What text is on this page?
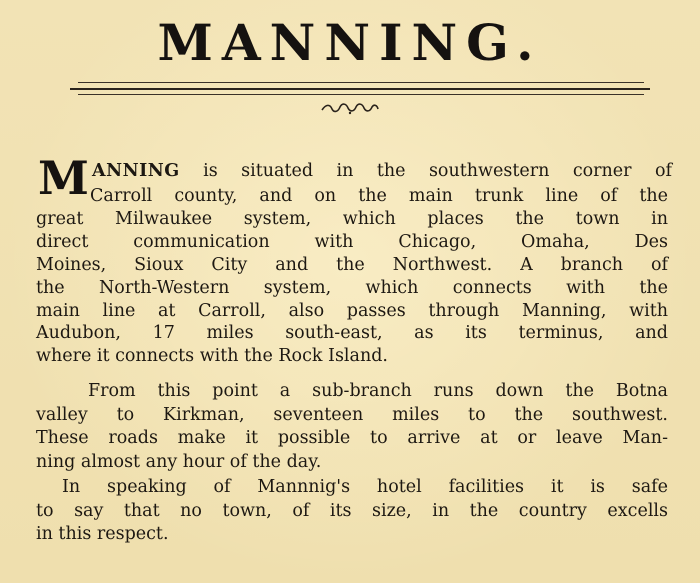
MANNING.
M ANNING is situated in the southwestern corner of
Carroll county, and on the main trunk line of the
great Milwaukee system, which places the town in
direct communication with Chicago, Omaha, Des
Moines, Sioux City and the Northwest. A branch of
the North-Western system, which connects with the
main line at Carroll, also passes through Manning, with
Audubon, 17 miles south-east, as its terminus, and
where it connects with the Rock Island.
From this point a sub-branch runs down the Botna
valley to Kirkman, seventeen miles to the southwest.
These roads make it possible to arrive at or leave Man-
ning almost any hour of the day.
In speaking of Mannnig's hotel facilities it is safe
to say that no town, of its size, in the country excells
in this respect.
